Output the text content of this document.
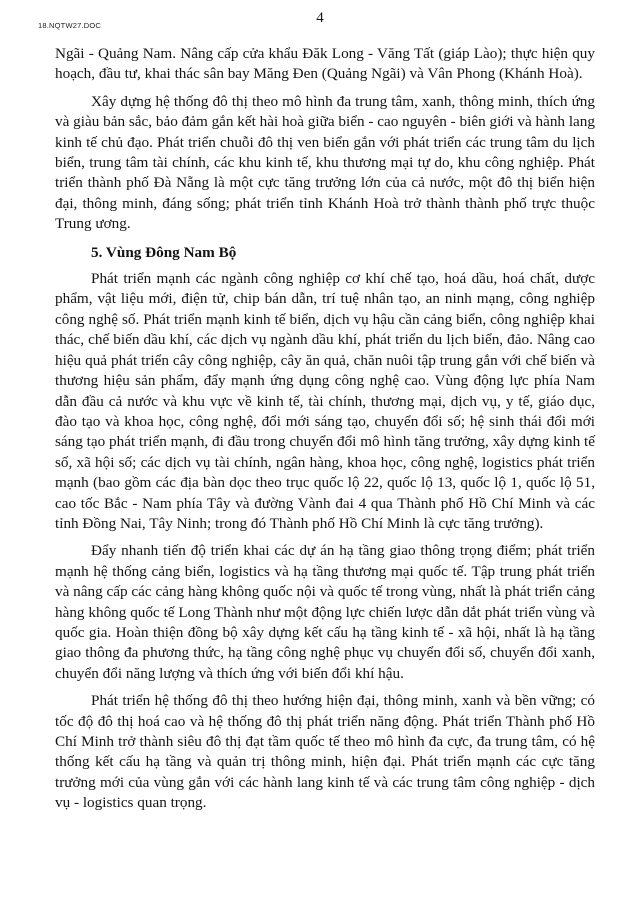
18.NQTW27.DOC	4

Ngãi - Quảng Nam. Nâng cấp cửa khẩu Đăk Long - Văng Tất (giáp Lào); thực hiện quy hoạch, đầu tư, khai thác sân bay Măng Đen (Quảng Ngãi) và Vân Phong (Khánh Hoà).

Xây dựng hệ thống đô thị theo mô hình đa trung tâm, xanh, thông minh, thích ứng và giàu bản sắc, bảo đảm gắn kết hài hoà giữa biển - cao nguyên - biên giới và hành lang kinh tế chủ đạo. Phát triển chuỗi đô thị ven biển gắn với phát triển các trung tâm du lịch biển, trung tâm tài chính, các khu kinh tế, khu thương mại tự do, khu công nghiệp. Phát triển thành phố Đà Nẵng là một cực tăng trưởng lớn của cả nước, một đô thị biển hiện đại, thông minh, đáng sống; phát triển tỉnh Khánh Hoà trở thành thành phố trực thuộc Trung ương.

5. Vùng Đông Nam Bộ

Phát triển mạnh các ngành công nghiệp cơ khí chế tạo, hoá dầu, hoá chất, dược phẩm, vật liệu mới, điện tử, chip bán dẫn, trí tuệ nhân tạo, an ninh mạng, công nghiệp công nghệ số. Phát triển mạnh kinh tế biển, dịch vụ hậu cần cảng biển, công nghiệp khai thác, chế biến dầu khí, các dịch vụ ngành dầu khí, phát triển du lịch biển, đảo. Nâng cao hiệu quả phát triển cây công nghiệp, cây ăn quả, chăn nuôi tập trung gắn với chế biến và thương hiệu sản phẩm, đẩy mạnh ứng dụng công nghệ cao. Vùng động lực phía Nam dẫn đầu cả nước và khu vực về kinh tế, tài chính, thương mại, dịch vụ, y tế, giáo dục, đào tạo và khoa học, công nghệ, đổi mới sáng tạo, chuyển đổi số; hệ sinh thái đổi mới sáng tạo phát triển mạnh, đi đầu trong chuyển đổi mô hình tăng trưởng, xây dựng kinh tế số, xã hội số; các dịch vụ tài chính, ngân hàng, khoa học, công nghệ, logistics phát triển mạnh (bao gồm các địa bàn dọc theo trục quốc lộ 22, quốc lộ 13, quốc lộ 1, quốc lộ 51, cao tốc Bắc - Nam phía Tây và đường Vành đai 4 qua Thành phố Hồ Chí Minh và các tỉnh Đồng Nai, Tây Ninh; trong đó Thành phố Hồ Chí Minh là cực tăng trưởng).

Đẩy nhanh tiến độ triển khai các dự án hạ tầng giao thông trọng điểm; phát triển mạnh hệ thống cảng biển, logistics và hạ tầng thương mại quốc tế. Tập trung phát triển và nâng cấp các cảng hàng không quốc nội và quốc tế trong vùng, nhất là phát triển cảng hàng không quốc tế Long Thành như một động lực chiến lược dẫn dắt phát triển vùng và quốc gia. Hoàn thiện đồng bộ xây dựng kết cấu hạ tầng kinh tế - xã hội, nhất là hạ tầng giao thông đa phương thức, hạ tầng công nghệ phục vụ chuyển đổi số, chuyển đổi xanh, chuyển đổi năng lượng và thích ứng với biến đổi khí hậu.

Phát triển hệ thống đô thị theo hướng hiện đại, thông minh, xanh và bền vững; có tốc độ đô thị hoá cao và hệ thống đô thị phát triển năng động. Phát triển Thành phố Hồ Chí Minh trở thành siêu đô thị đạt tầm quốc tế theo mô hình đa cực, đa trung tâm, có hệ thống kết cấu hạ tầng và quản trị thông minh, hiện đại. Phát triển mạnh các cực tăng trưởng mới của vùng gắn với các hành lang kinh tế và các trung tâm công nghiệp - dịch vụ - logistics quan trọng.
